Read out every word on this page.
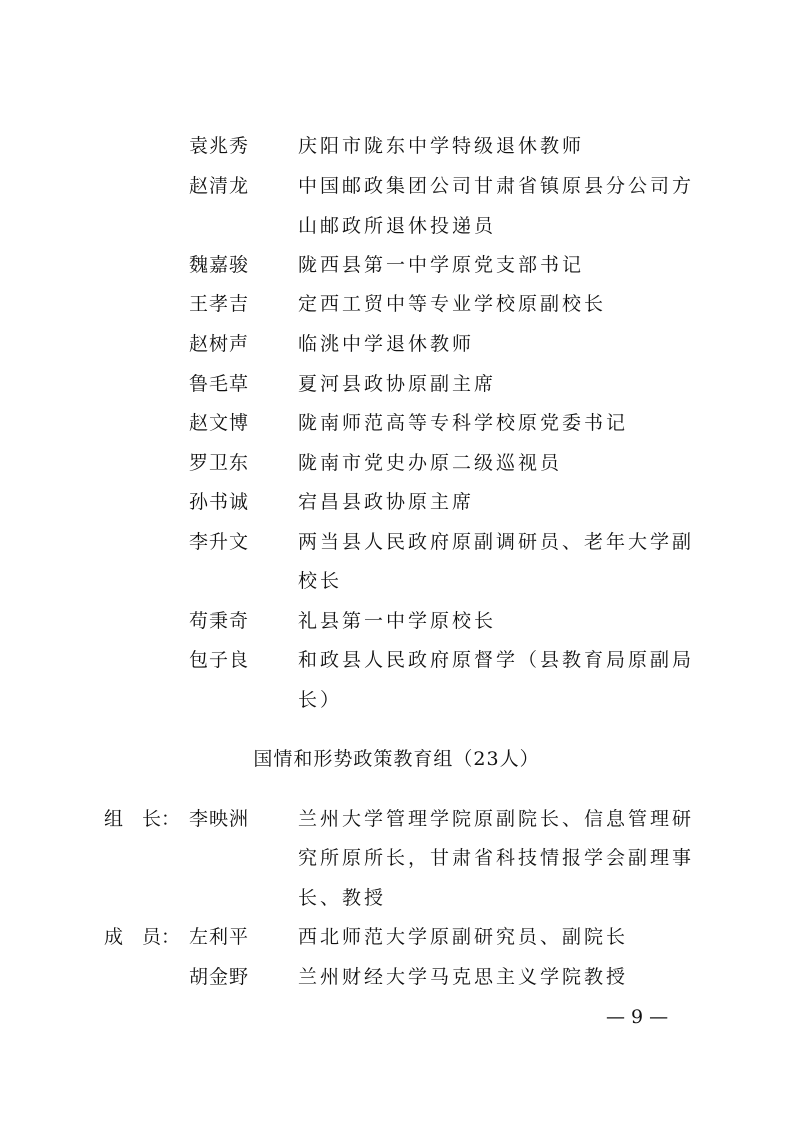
袁兆秀	庆阳市陇东中学特级退休教师
赵清龙	中国邮政集团公司甘肃省镇原县分公司方
山邮政所退休投递员
魏嘉骏	陇西县第一中学原党支部书记
王孝吉	定西工贸中等专业学校原副校长
赵树声	临洮中学退休教师
鲁毛草	夏河县政协原副主席
赵文博	陇南师范高等专科学校原党委书记
罗卫东	陇南市党史办原二级巡视员
孙书诚	宕昌县政协原主席
李升文	两当县人民政府原副调研员、老年大学副
校长
苟秉奇	礼县第一中学原校长
包子良	和政县人民政府原督学（县教育局原副局
长）
国情和形势政策教育组（23人）
组　长： 李映洲	兰州大学管理学院原副院长、信息管理研
究所原所长，甘肃省科技情报学会副理事
长、教授
成　员： 左利平	西北师范大学原副研究员、副院长
胡金野	兰州财经大学马克思主义学院教授
— 9 —
